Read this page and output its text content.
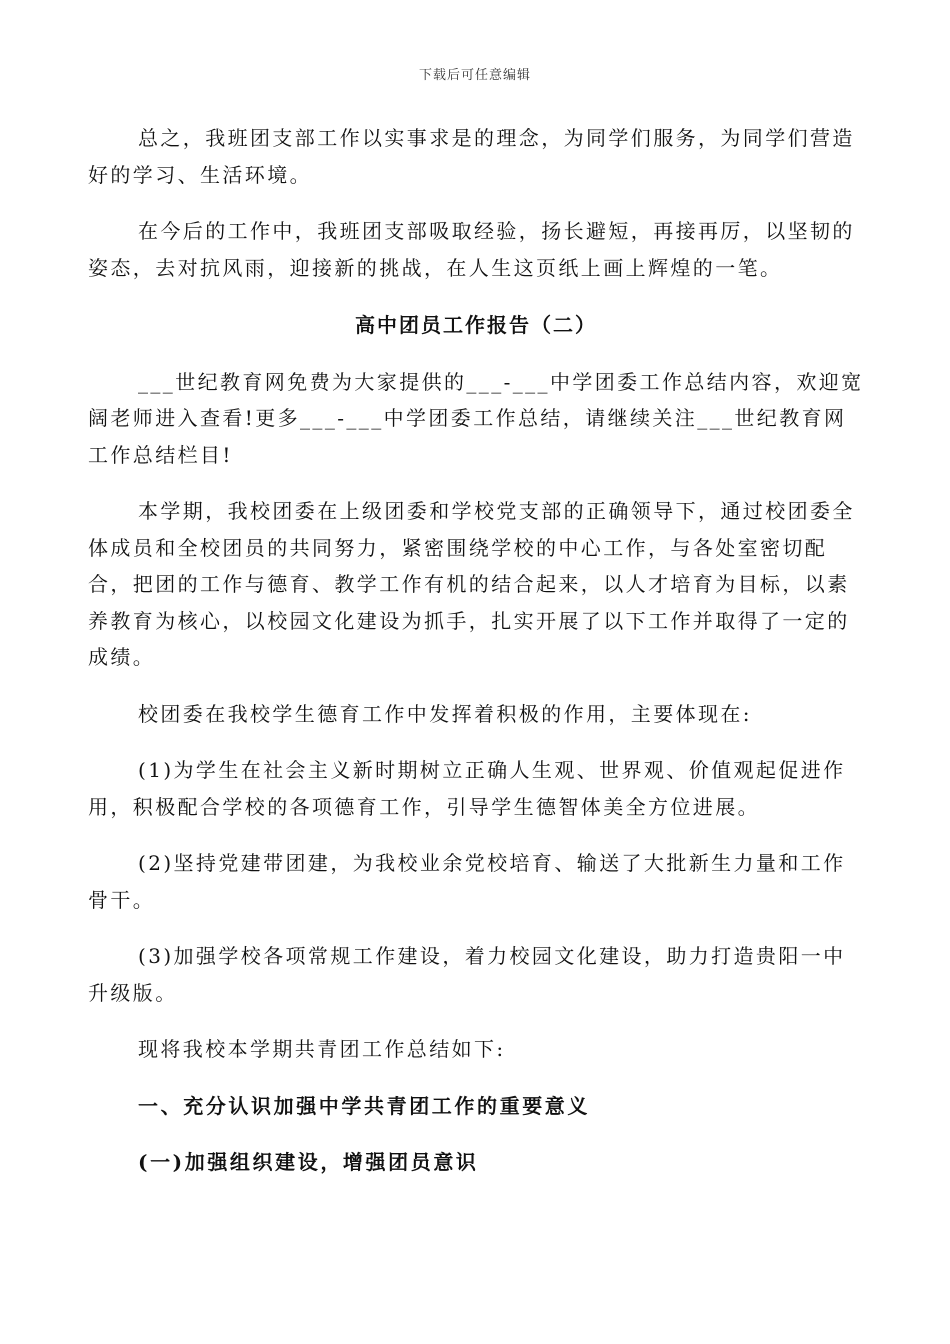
下载后可任意编辑

总之，我班团支部工作以实事求是的理念，为同学们服务，为同学们营造好的学习、生活环境。

在今后的工作中，我班团支部吸取经验，扬长避短，再接再厉，以坚韧的姿态，去对抗风雨，迎接新的挑战，在人生这页纸上画上辉煌的一笔。

高中团员工作报告（二）

___世纪教育网免费为大家提供的___-___中学团委工作总结内容，欢迎宽阔老师进入查看!更多___-___中学团委工作总结，请继续关注___世纪教育网工作总结栏目!

本学期，我校团委在上级团委和学校党支部的正确领导下，通过校团委全体成员和全校团员的共同努力，紧密围绕学校的中心工作，与各处室密切配合，把团的工作与德育、教学工作有机的结合起来，以人才培育为目标，以素养教育为核心，以校园文化建设为抓手，扎实开展了以下工作并取得了一定的成绩。

校团委在我校学生德育工作中发挥着积极的作用，主要体现在:

(1)为学生在社会主义新时期树立正确人生观、世界观、价值观起促进作用，积极配合学校的各项德育工作，引导学生德智体美全方位进展。

(2)坚持党建带团建，为我校业余党校培育、输送了大批新生力量和工作骨干。

(3)加强学校各项常规工作建设，着力校园文化建设，助力打造贵阳一中升级版。

现将我校本学期共青团工作总结如下:

一、充分认识加强中学共青团工作的重要意义

(一)加强组织建设，增强团员意识
